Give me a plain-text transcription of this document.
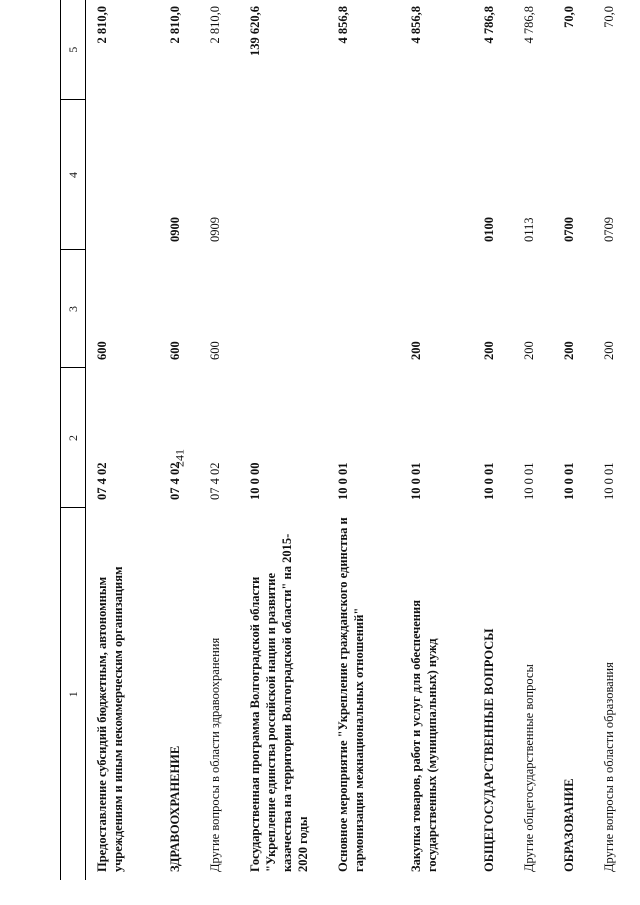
241
1	2	3	4	5
Предоставление субсидий бюджетным, автономным учреждениям и иным некоммерческим организациям	07 4 02	600		2 810,0
ЗДРАВООХРАНЕНИЕ	07 4 02	600	0900	2 810,0
Другие вопросы в области здравоохранения	07 4 02	600	0909	2 810,0
Государственная программа Волгоградской области "Укрепление единства российской нации и развитие казачества на территории Волгоградской области" на 2015-2020 годы	10 0 00			139 620,6
Основное мероприятие "Укрепление гражданского единства и гармонизация межнациональных отношений"	10 0 01			4 856,8
Закупка товаров, работ и услуг для обеспечения государственных (муниципальных) нужд	10 0 01	200		4 856,8
ОБЩЕГОСУДАРСТВЕННЫЕ ВОПРОСЫ	10 0 01	200	0100	4 786,8
Другие общегосударственные вопросы	10 0 01	200	0113	4 786,8
ОБРАЗОВАНИЕ	10 0 01	200	0700	70,0
Другие вопросы в области образования	10 0 01	200	0709	70,0
